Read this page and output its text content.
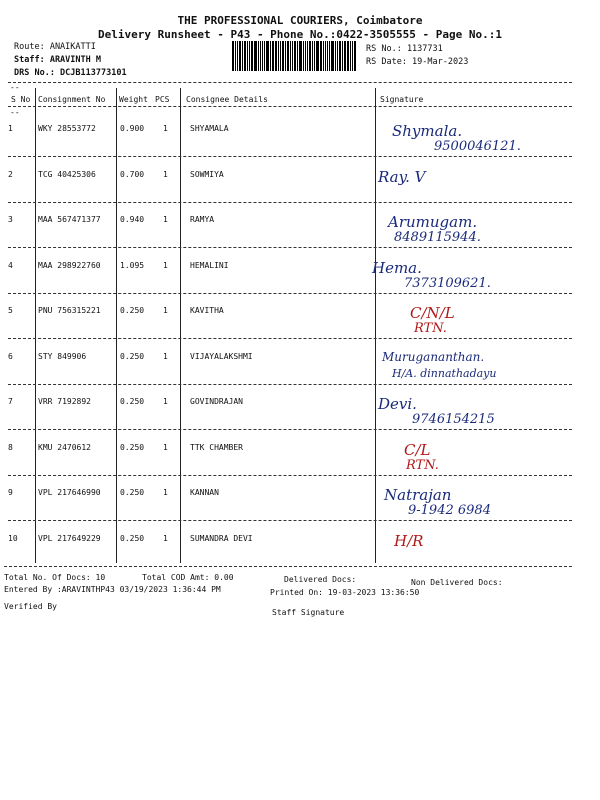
THE PROFESSIONAL COURIERS, Coimbatore
Delivery Runsheet - P43 - Phone No.:0422-3505555 - Page No.:1
Route: ANAIKATTI
Staff: ARAVINTH M
DRS No.: DCJB113773101
RS No.: 1137731
RS Date: 19-Mar-2023
--
S No Consignment No Weight PCS Consignee Details	Signature
--
1	WKY 28553772	0.900 1	SHYAMALA	Shymala.
9500046121.
2	TCG 40425306	0.700 1	SOWMIYA	Ray. V
3	MAA 567471377 0.940 1	RAMYA	Arumugam.
8489115944.
4	MAA 298922760 1.095 1	HEMALINI	Hema.
7373109621.
5	PNU 756315221 0.250 1	KAVITHA	C/N/L
RTN.
6	STY 849906	0.250 1	VIJAYALAKSHMI	Murugananthan.
H/A. dinnathadayu
7	VRR 7192892	0.250 1	GOVINDRAJAN	Devi.
9746154215
8	KMU 2470612	0.250 1	TTK CHAMBER	C/L
RTN.
9	VPL 217646990 0.250 1	KANNAN	Natrajan
9-1942 6984
10	VPL 217649229 0.250 1	SUMANDRA DEVI	H/R
Total No. Of Docs: 10	Total COD Amt: 0.00	Delivered Docs:	Non Delivered Docs:
Entered By :ARAVINTHP43 03/19/2023 1:36:44 PM	Printed On: 19-03-2023 13:36:50
Verified By
Staff Signature
